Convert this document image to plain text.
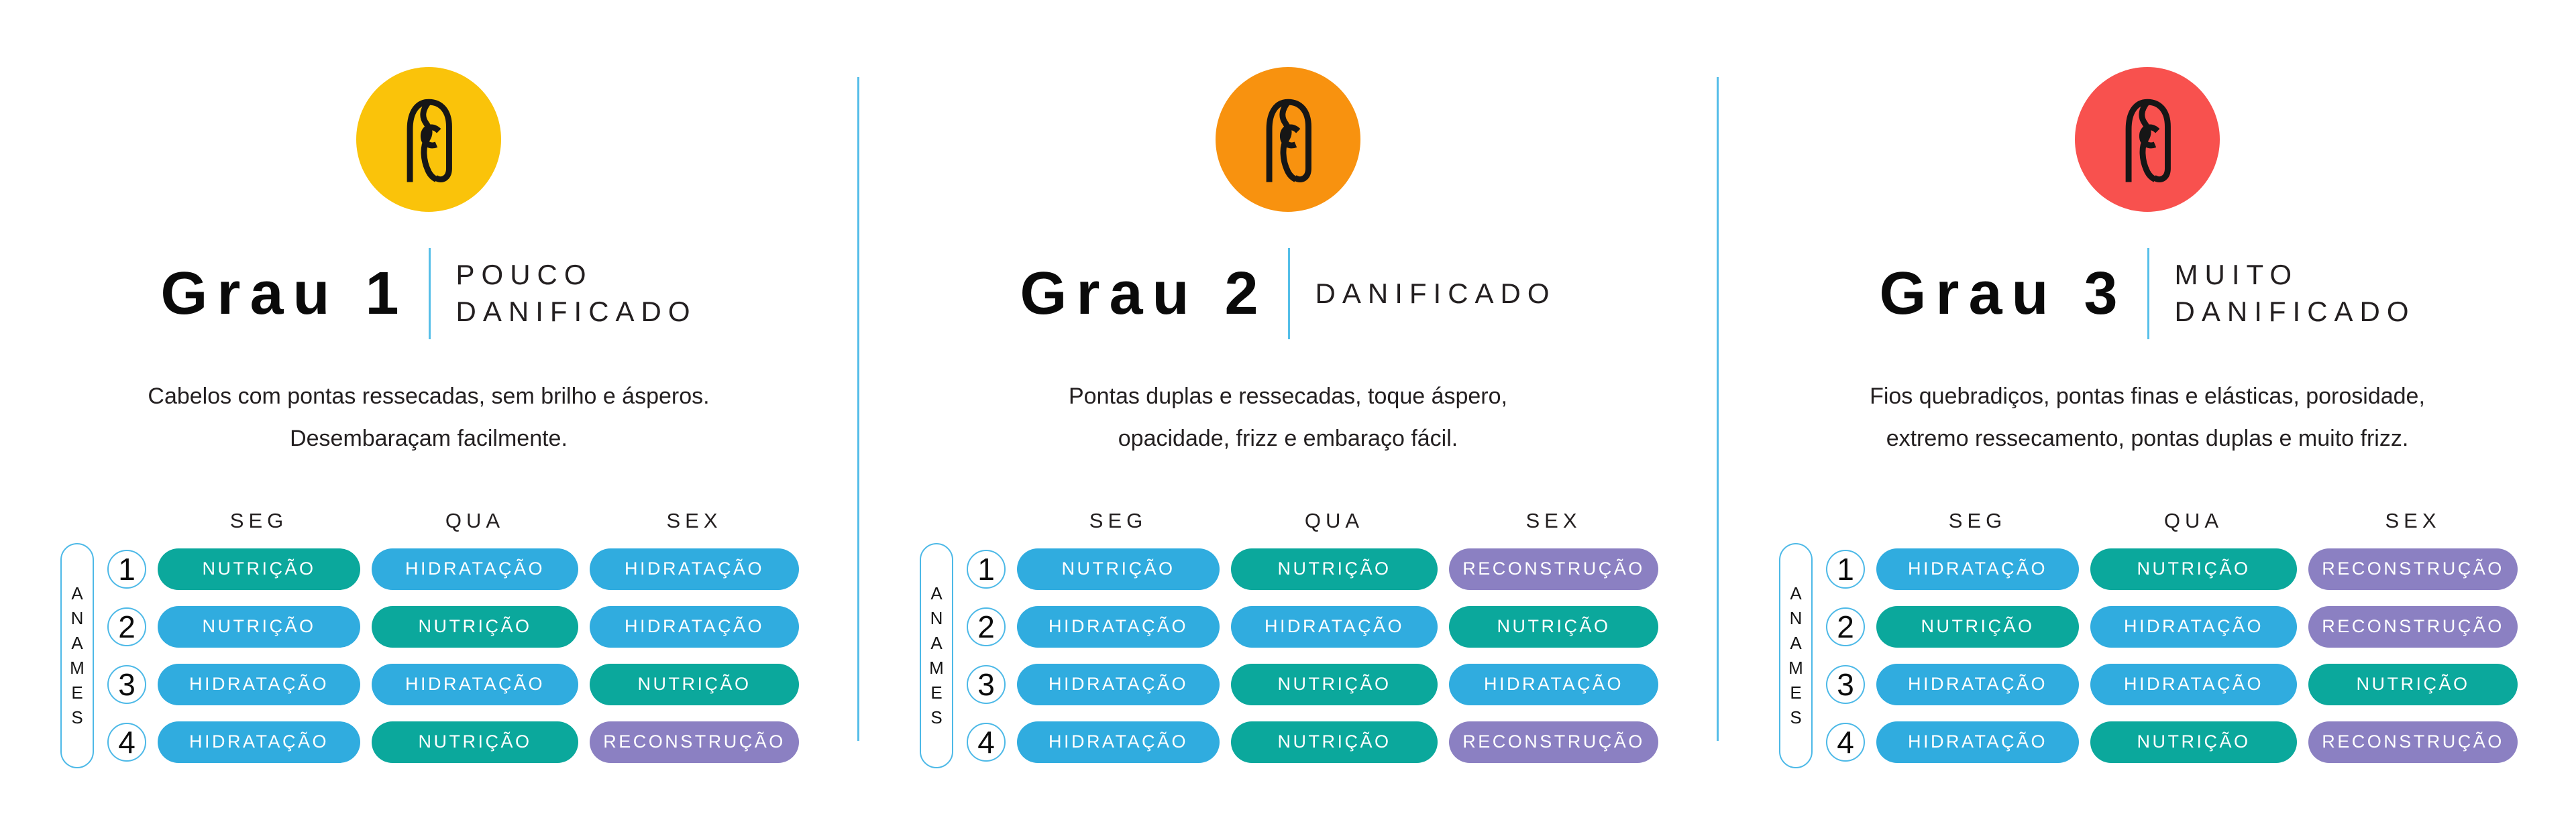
Grau 1 POUCO
DANIFICADO
Cabelos com pontas ressecadas, sem brilho e ásperos.
Desembaraçam facilmente.
SEG	QUA	SEX
A
N
A
M
E
S
1	NUTRIÇÃO	HIDRATAÇÃO	HIDRATAÇÃO
2	NUTRIÇÃO	NUTRIÇÃO	HIDRATAÇÃO
3	HIDRATAÇÃO	HIDRATAÇÃO	NUTRIÇÃO
4	HIDRATAÇÃO	NUTRIÇÃO	RECONSTRUÇÃO
Grau 2 DANIFICADO
Pontas duplas e ressecadas, toque áspero,
opacidade, frizz e embaraço fácil.
SEG	QUA	SEX
A
N
A
M
E
S
1	NUTRIÇÃO	NUTRIÇÃO	RECONSTRUÇÃO
2	HIDRATAÇÃO	HIDRATAÇÃO	NUTRIÇÃO
3	HIDRATAÇÃO	NUTRIÇÃO	HIDRATAÇÃO
4	HIDRATAÇÃO	NUTRIÇÃO	RECONSTRUÇÃO
Grau 3 MUITO
DANIFICADO
Fios quebradiços, pontas finas e elásticas, porosidade,
extremo ressecamento, pontas duplas e muito frizz.
SEG	QUA	SEX
A
N
A
M
E
S
1	HIDRATAÇÃO	NUTRIÇÃO	RECONSTRUÇÃO
2	NUTRIÇÃO	HIDRATAÇÃO	RECONSTRUÇÃO
3	HIDRATAÇÃO	HIDRATAÇÃO	NUTRIÇÃO
4	HIDRATAÇÃO	NUTRIÇÃO	RECONSTRUÇÃO
